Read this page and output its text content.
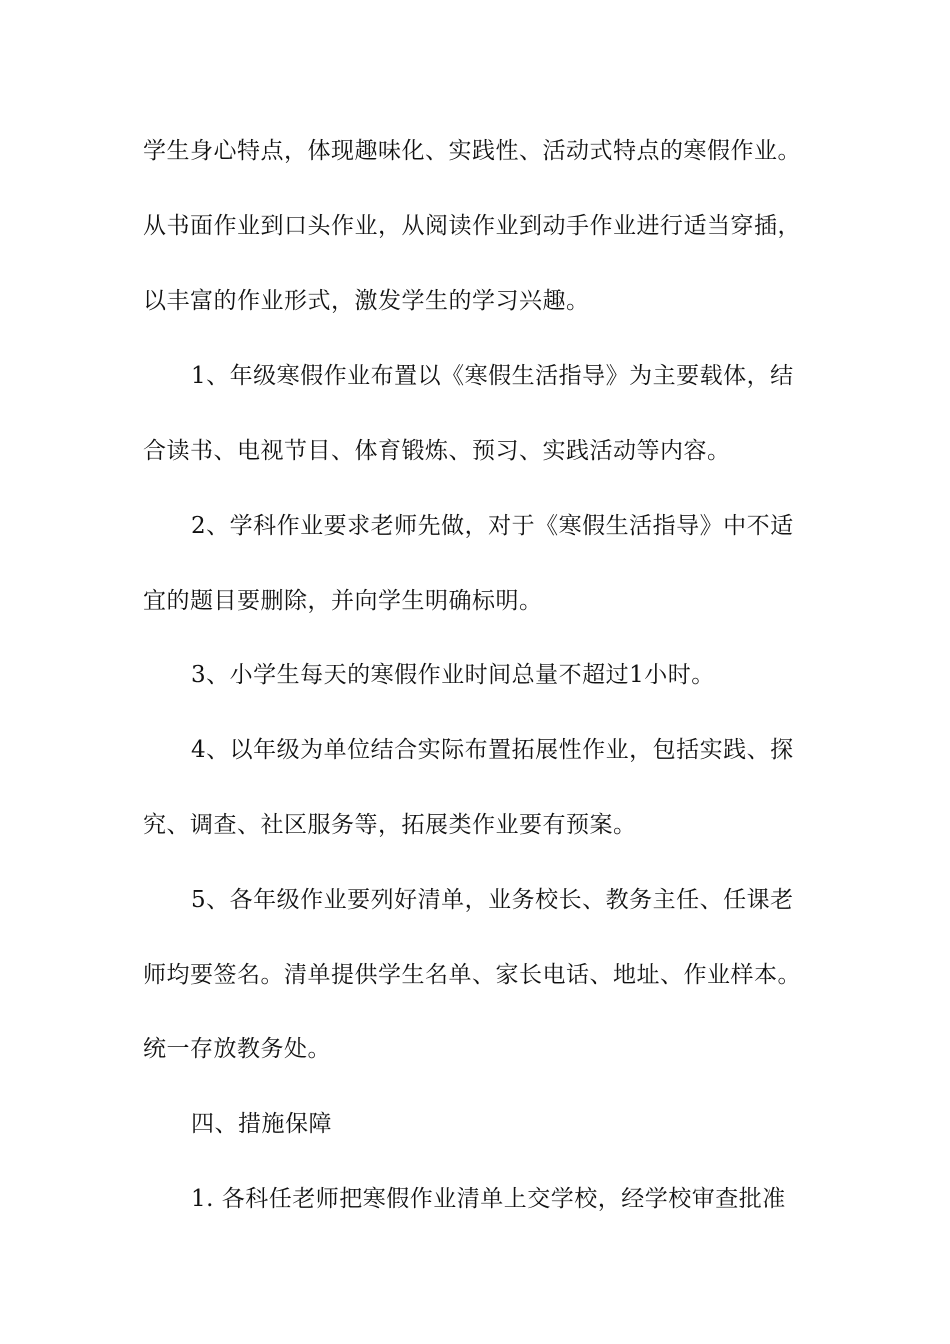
学生身心特点，体现趣味化、实践性、活动式特点的寒假作业。
从书面作业到口头作业，从阅读作业到动手作业进行适当穿插，
以丰富的作业形式，激发学生的学习兴趣。
1、年级寒假作业布置以《寒假生活指导》为主要载体，结
合读书、电视节目、体育锻炼、预习、实践活动等内容。
2、学科作业要求老师先做，对于《寒假生活指导》中不适
宜的题目要删除，并向学生明确标明。
3、小学生每天的寒假作业时间总量不超过1小时。
4、以年级为单位结合实际布置拓展性作业，包括实践、探
究、调查、社区服务等，拓展类作业要有预案。
5、各年级作业要列好清单，业务校长、教务主任、任课老
师均要签名。清单提供学生名单、家长电话、地址、作业样本。
统一存放教务处。
四、措施保障
1. 各科任老师把寒假作业清单上交学校，经学校审查批准
